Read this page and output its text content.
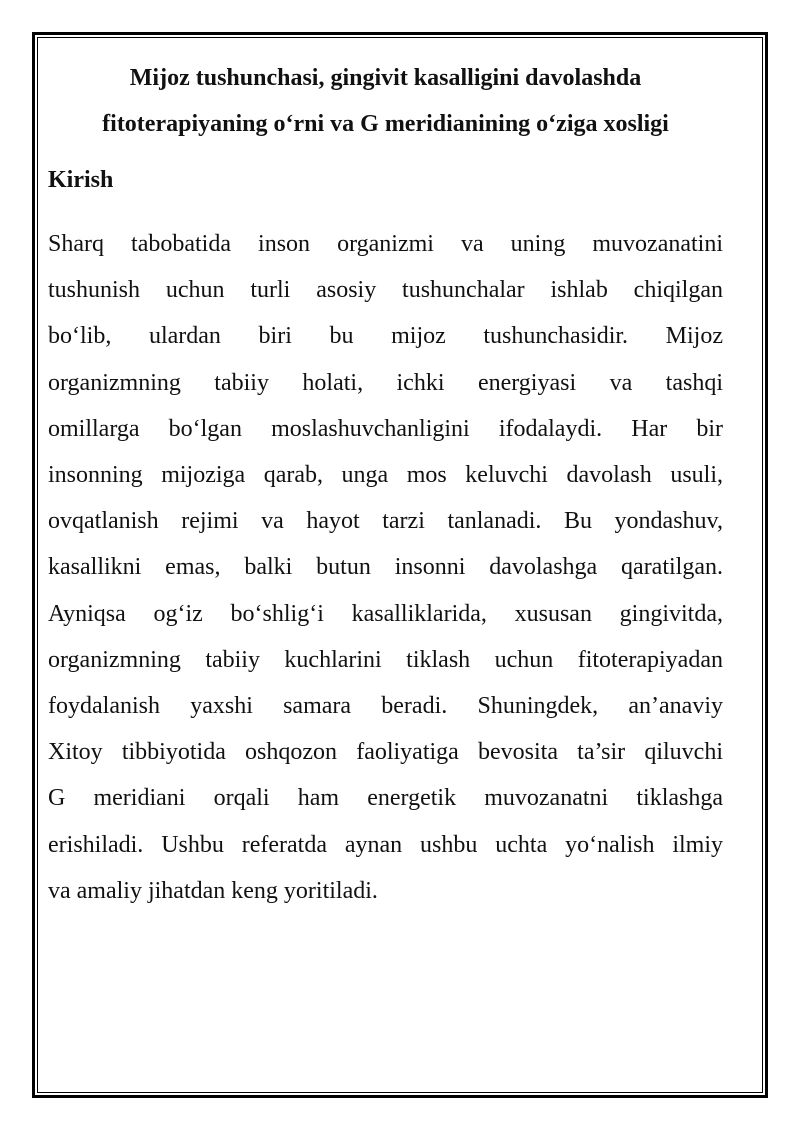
Mijoz tushunchasi, gingivit kasalligini davolashda
fitoterapiyaning o‘rni va G meridianining o‘ziga xosligi
Kirish

Sharq tabobatida inson organizmi va uning muvozanatini
tushunish uchun turli asosiy tushunchalar ishlab chiqilgan
bo‘lib, ulardan biri bu mijoz tushunchasidir. Mijoz
organizmning tabiiy holati, ichki energiyasi va tashqi
omillarga bo‘lgan moslashuvchanligini ifodalaydi. Har bir
insonning mijoziga qarab, unga mos keluvchi davolash usuli,
ovqatlanish rejimi va hayot tarzi tanlanadi. Bu yondashuv,
kasallikni emas, balki butun insonni davolashga qaratilgan.
Ayniqsa og‘iz bo‘shlig‘i kasalliklarida, xususan gingivitda,
organizmning tabiiy kuchlarini tiklash uchun fitoterapiyadan
foydalanish yaxshi samara beradi. Shuningdek, an’anaviy
Xitoy tibbiyotida oshqozon faoliyatiga bevosita ta’sir qiluvchi
G meridiani orqali ham energetik muvozanatni tiklashga
erishiladi. Ushbu referatda aynan ushbu uchta yo‘nalish ilmiy
va amaliy jihatdan keng yoritiladi.
